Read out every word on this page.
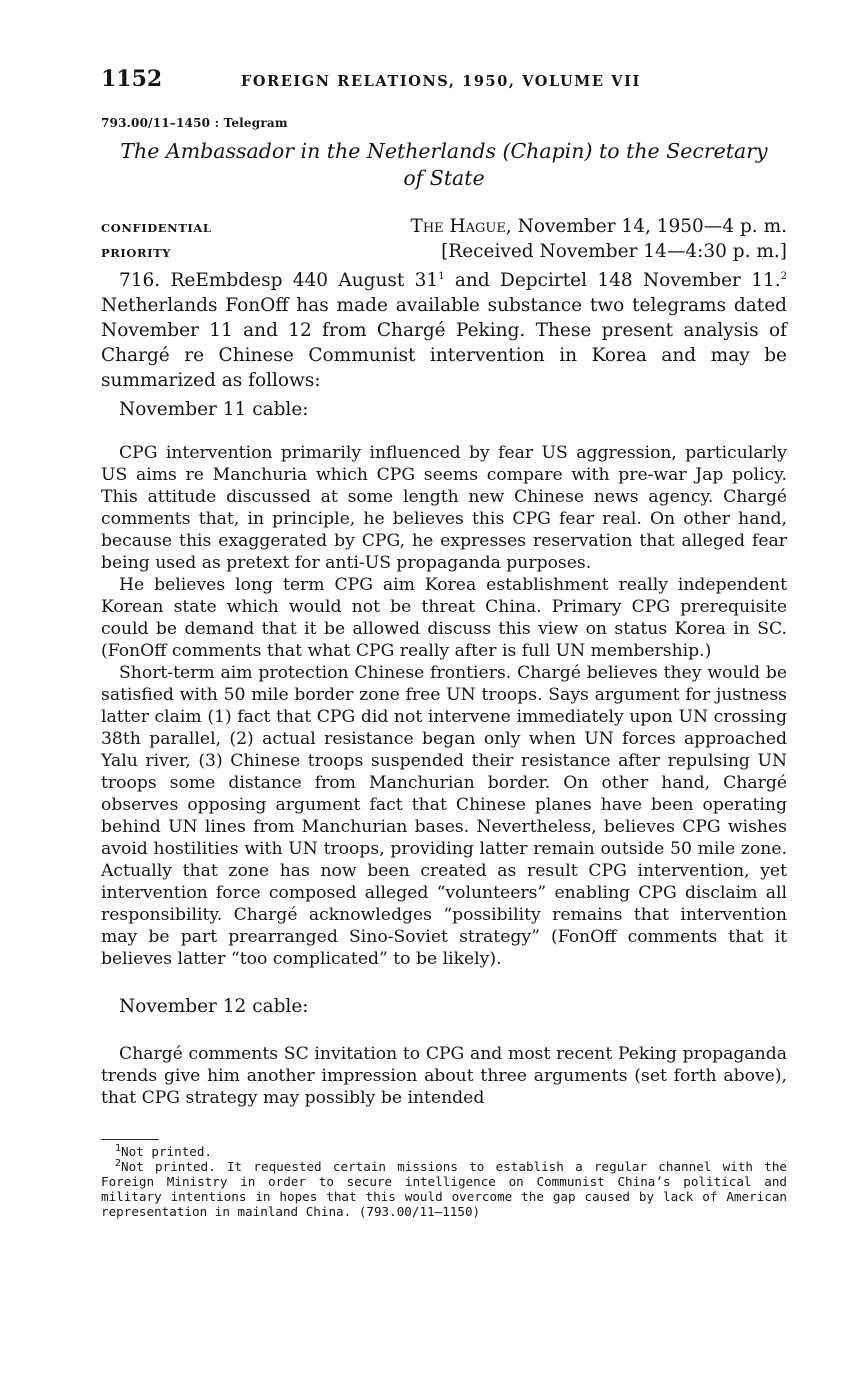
1152	FOREIGN RELATIONS, 1950, VOLUME VII
793.00/11–1450 : Telegram
The Ambassador in the Netherlands (Chapin) to the Secretary of State
CONFIDENTIAL	The Hague, November 14, 1950—4 p. m.
PRIORITY	[Received November 14—4:30 p. m.]

716. ReEmbdesp 440 August $31^1$ and Depcirtel 148 November 11.$^2$ Netherlands FonOff has made available substance two telegrams dated November 11 and 12 from Chargé Peking. These present analysis of Chargé re Chinese Communist intervention in Korea and may be summarized as follows:

November 11 cable:

CPG intervention primarily influenced by fear US aggression, particularly US aims re Manchuria which CPG seems compare with pre-war Jap policy. This attitude discussed at some length new Chinese news agency. Chargé comments that, in principle, he believes this CPG fear real. On other hand, because this exaggerated by CPG, he expresses reservation that alleged fear being used as pretext for anti-US propaganda purposes.

He believes long term CPG aim Korea establishment really independent Korean state which would not be threat China. Primary CPG prerequisite could be demand that it be allowed discuss this view on status Korea in SC. (FonOff comments that what CPG really after is full UN membership.)

Short-term aim protection Chinese frontiers. Chargé believes they would be satisfied with 50 mile border zone free UN troops. Says argument for justness latter claim (1) fact that CPG did not intervene immediately upon UN crossing 38th parallel, (2) actual resistance began only when UN forces approached Yalu river, (3) Chinese troops suspended their resistance after repulsing UN troops some distance from Manchurian border. On other hand, Chargé observes opposing argument fact that Chinese planes have been operating behind UN lines from Manchurian bases. Nevertheless, believes CPG wishes avoid hostilities with UN troops, providing latter remain outside 50 mile zone. Actually that zone has now been created as result CPG intervention, yet intervention force composed alleged “volunteers” enabling CPG disclaim all responsibility. Chargé acknowledges “possibility remains that intervention may be part prearranged Sino-Soviet strategy” (FonOff comments that it believes latter “too complicated” to be likely).

November 12 cable:

Chargé comments SC invitation to CPG and most recent Peking propaganda trends give him another impression about three arguments (set forth above), that CPG strategy may possibly be intended

$^1$Not printed.

$^2$Not printed. It requested certain missions to establish a regular channel with the Foreign Ministry in order to secure intelligence on Communist China’s political and military intentions in hopes that this would overcome the gap caused by lack of American representation in mainland China. (793.00/11–1150)
